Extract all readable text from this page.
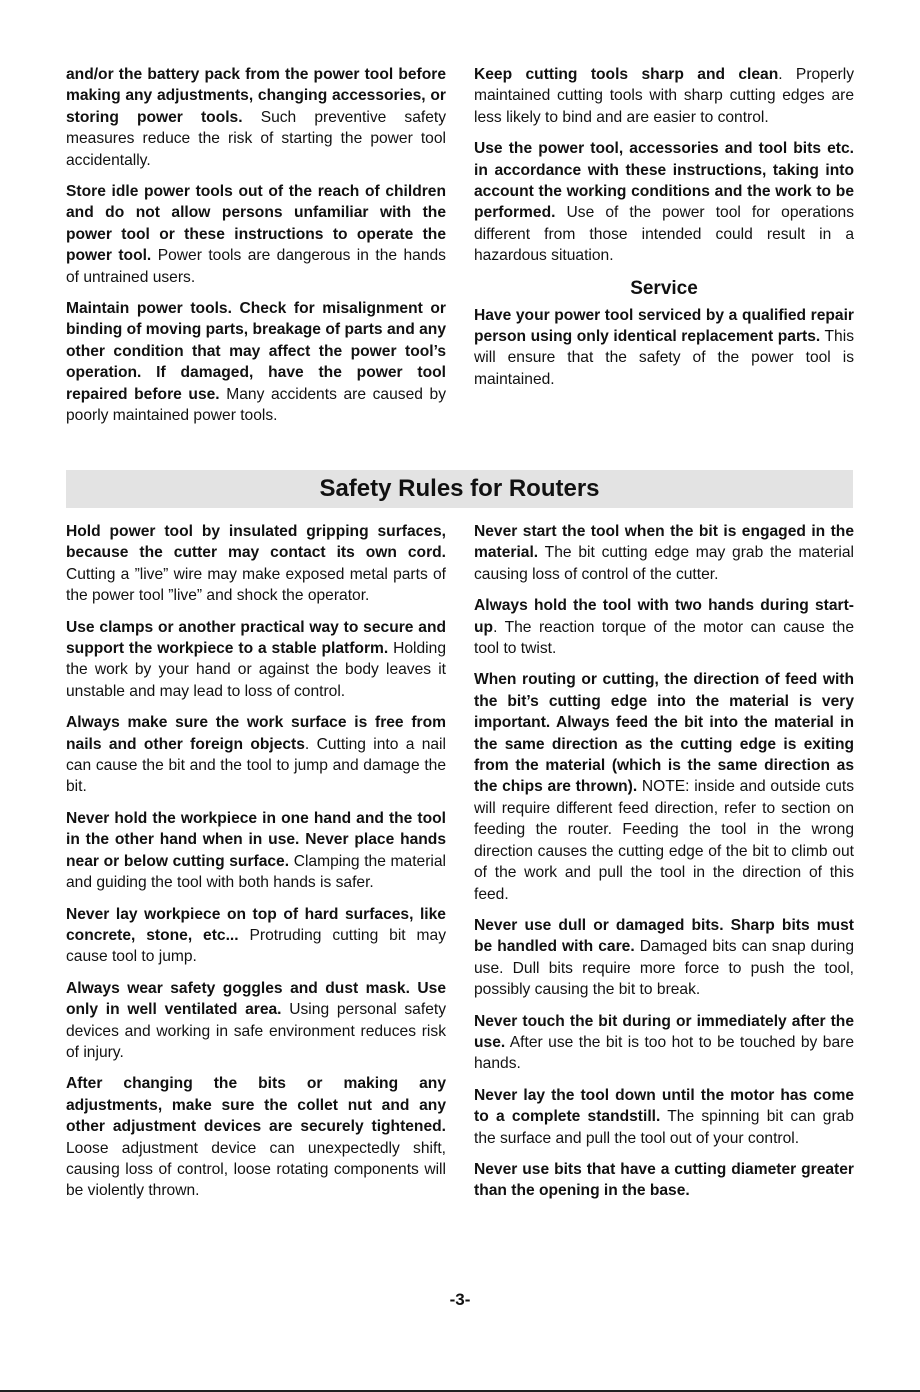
and/or the battery pack from the power tool before making any adjustments, changing accessories, or storing power tools. Such preventive safety measures reduce the risk of starting the power tool accidentally.

Store idle power tools out of the reach of children and do not allow persons unfamiliar with the power tool or these instructions to operate the power tool. Power tools are dangerous in the hands of untrained users.

Maintain power tools. Check for misalignment or binding of moving parts, breakage of parts and any other condition that may affect the power tool’s operation. If damaged, have the power tool repaired before use. Many accidents are caused by poorly maintained power tools.

Keep cutting tools sharp and clean. Properly maintained cutting tools with sharp cutting edges are less likely to bind and are easier to control.

Use the power tool, accessories and tool bits etc. in accordance with these instructions, taking into account the working conditions and the work to be performed. Use of the power tool for operations different from those intended could result in a hazardous situation.

Service

Have your power tool serviced by a qualified repair person using only identical replacement parts. This will ensure that the safety of the power tool is maintained.

Safety Rules for Routers

Hold power tool by insulated gripping surfaces, because the cutter may contact its own cord. Cutting a ”live” wire may make exposed metal parts of the power tool ”live” and shock the operator.

Use clamps or another practical way to secure and support the workpiece to a stable platform. Holding the work by your hand or against the body leaves it unstable and may lead to loss of control.

Always make sure the work surface is free from nails and other foreign objects. Cutting into a nail can cause the bit and the tool to jump and damage the bit.

Never hold the workpiece in one hand and the tool in the other hand when in use. Never place hands near or below cutting surface. Clamping the material and guiding the tool with both hands is safer.

Never lay workpiece on top of hard surfaces, like concrete, stone, etc... Protruding cutting bit may cause tool to jump.

Always wear safety goggles and dust mask. Use only in well ventilated area. Using personal safety devices and working in safe environment reduces risk of injury.

After changing the bits or making any adjustments, make sure the collet nut and any other adjustment devices are securely tightened. Loose adjustment device can unexpectedly shift, causing loss of control, loose rotating components will be violently thrown.

Never start the tool when the bit is engaged in the material. The bit cutting edge may grab the material causing loss of control of the cutter.

Always hold the tool with two hands during start-up. The reaction torque of the motor can cause the tool to twist.

When routing or cutting, the direction of feed with the bit’s cutting edge into the material is very important. Always feed the bit into the material in the same direction as the cutting edge is exiting from the material (which is the same direction as the chips are thrown). NOTE: inside and outside cuts will require different feed direction, refer to section on feeding the router. Feeding the tool in the wrong direction causes the cutting edge of the bit to climb out of the work and pull the tool in the direction of this feed.

Never use dull or damaged bits. Sharp bits must be handled with care. Damaged bits can snap during use. Dull bits require more force to push the tool, possibly causing the bit to break.

Never touch the bit during or immediately after the use. After use the bit is too hot to be touched by bare hands.

Never lay the tool down until the motor has come to a complete standstill. The spinning bit can grab the surface and pull the tool out of your control.

Never use bits that have a cutting diameter greater than the opening in the base.

-3-
